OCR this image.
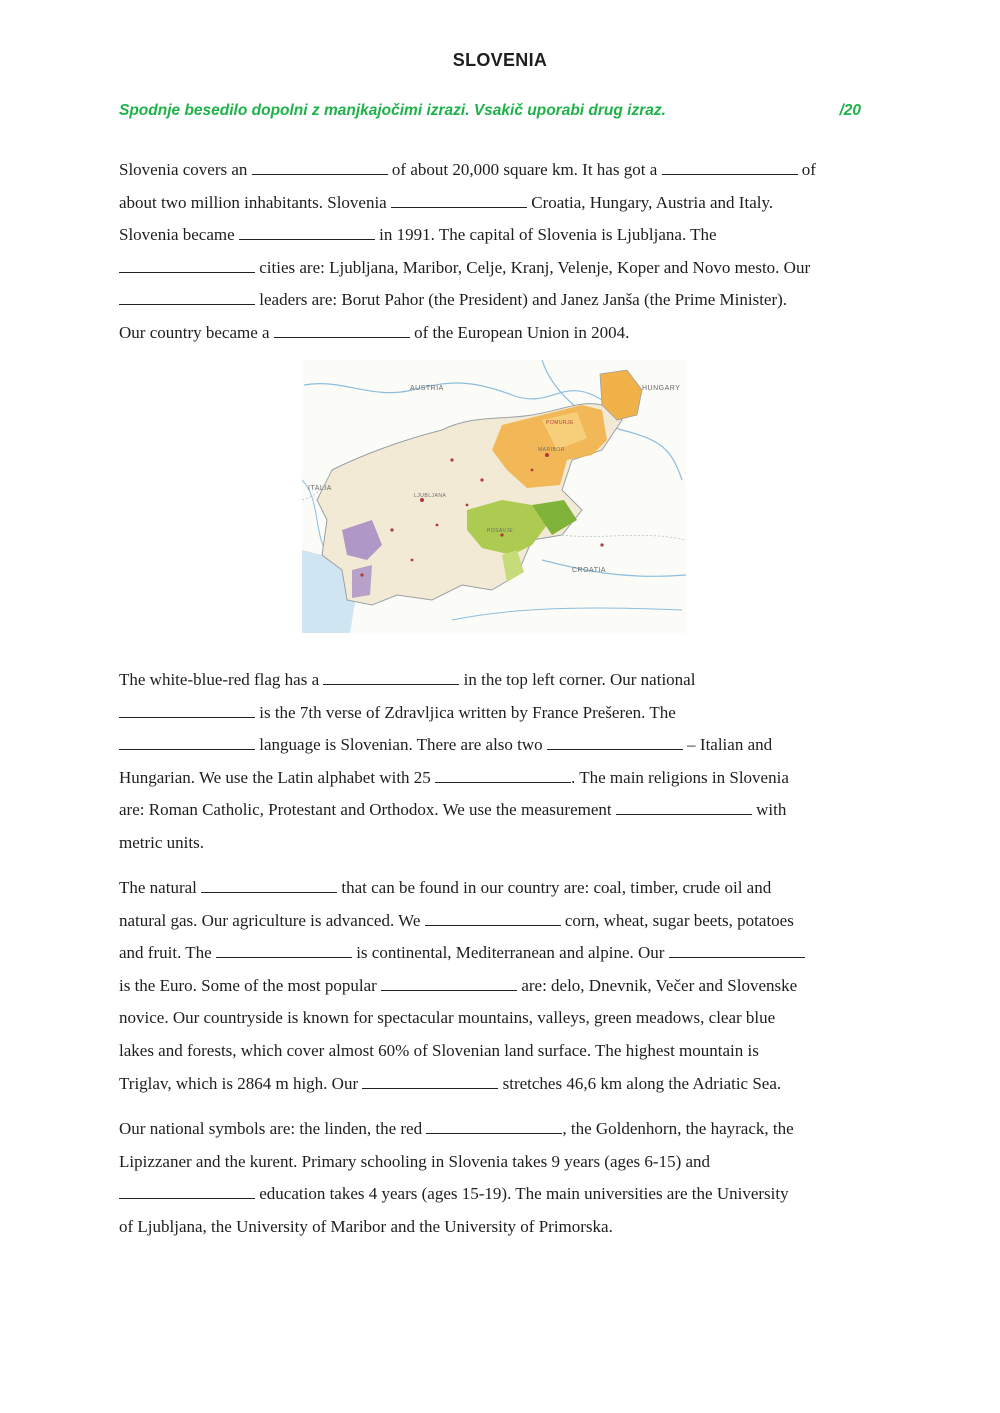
SLOVENIA
Spodnje besedilo dopolni z manjkajočimi izrazi. Vsakič uporabi drug izraz.	/20

Slovenia covers an	of about 20,000 square km. It has got a	of

about two million inhabitants. Slovenia	Croatia, Hungary, Austria and Italy.

Slovenia became	in 1991. The capital of Slovenia is Ljubljana. The

cities are: Ljubljana, Maribor, Celje, Kranj, Velenje, Koper and Novo mesto. Our

leaders are: Borut Pahor (the President) and Janez Janša (the Prime Minister).

Our country became a	of the European Union in 2004.

AUSTRIA	HUNGARY
ITALIA
CROATIA
LJUBLJANA
MARIBOR
POMURJE
POSAVJE

The white-blue-red flag has a	in the top left corner. Our national

is the 7th verse of Zdravljica written by France Prešeren. The

language is Slovenian. There are also two	– Italian and

Hungarian. We use the Latin alphabet with 25	. The main religions in Slovenia

are: Roman Catholic, Protestant and Orthodox. We use the measurement	with

metric units.

The natural	that can be found in our country are: coal, timber, crude oil and

natural gas. Our agriculture is advanced. We	corn, wheat, sugar beets, potatoes

and fruit. The	is continental, Mediterranean and alpine. Our

is the Euro. Some of the most popular	are: delo, Dnevnik, Večer and Slovenske

novice. Our countryside is known for spectacular mountains, valleys, green meadows, clear blue

lakes and forests, which cover almost 60% of Slovenian land surface. The highest mountain is

Triglav, which is 2864 m high. Our	stretches 46,6 km along the Adriatic Sea.

Our national symbols are: the linden, the red	, the Goldenhorn, the hayrack, the

Lipizzaner and the kurent. Primary schooling in Slovenia takes 9 years (ages 6-15) and

education takes 4 years (ages 15-19). The main universities are the University

of Ljubljana, the University of Maribor and the University of Primorska.
